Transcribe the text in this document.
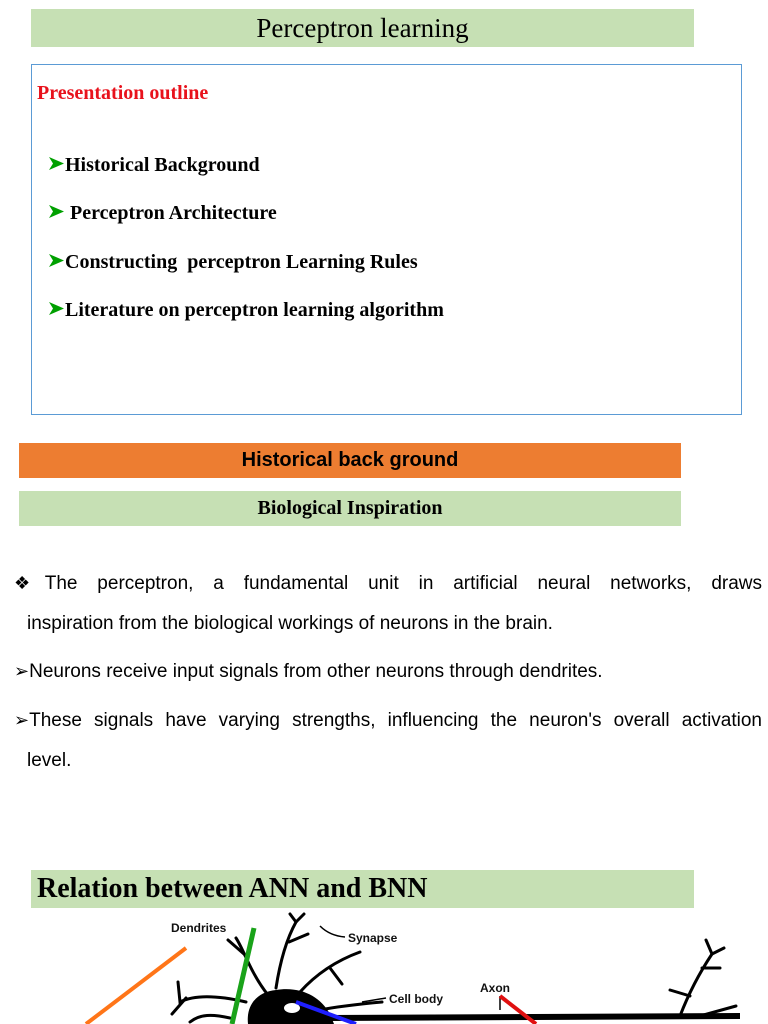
Perceptron learning
Presentation outline

Historical Background

Perceptron Architecture

Constructing  perceptron Learning Rules

Literature on perceptron learning algorithm

Historical back ground
Biological Inspiration
❖The perceptron, a fundamental unit in artificial neural networks, draws
inspiration from the biological workings of neurons in the brain.
➢Neurons receive input signals from other neurons through dendrites.
➢These signals have varying strengths, influencing the neuron's overall activation
level.
Relation between ANN and BNN
Dendrites
Synapse
Cell body
Axon
